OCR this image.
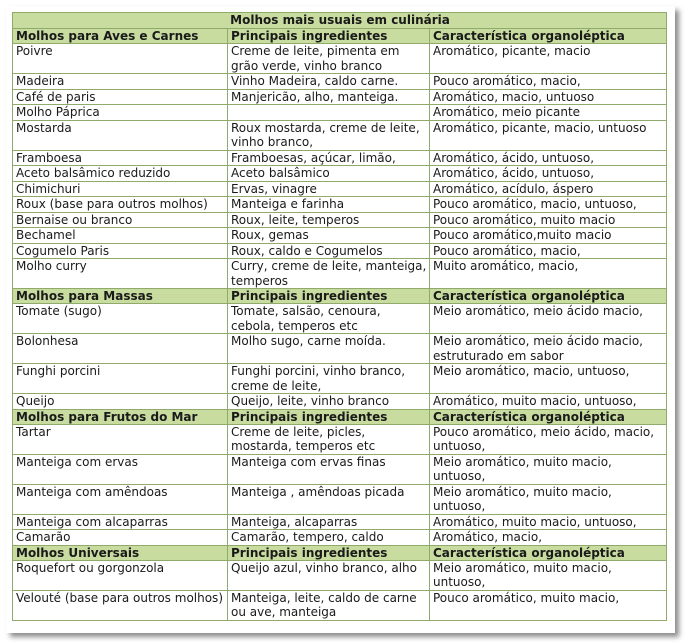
Molhos mais usuais em culinária		
Molhos para Aves e Carnes	Principais ingredientes	Característica organoléptica
Poivre	Creme de leite, pimenta em grão verde, vinho branco	Aromático, picante, macio
Madeira	Vinho Madeira, caldo carne.	Pouco aromático, macio,
Café de paris	Manjericão, alho, manteiga.	Aromático, macio, untuoso
Molho Páprica		Aromático, meio picante
Mostarda	Roux mostarda, creme de leite, vinho branco,	Aromático, picante, macio, untuoso
Framboesa	Framboesas, açúcar, limão,	Aromático, ácido, untuoso,
Aceto balsâmico reduzido	Aceto balsâmico	Aromático, ácido, untuoso,
Chimichuri	Ervas, vinagre	Aromático, acídulo, áspero
Roux (base para outros molhos)	Manteiga e farinha	Pouco aromático, macio, untuoso,
Bernaise ou branco	Roux, leite, temperos	Pouco aromático, muito macio
Bechamel	Roux, gemas	Pouco aromático,muito macio
Cogumelo Paris	Roux, caldo e Cogumelos	Pouco aromático, macio,
Molho curry	Curry, creme de leite, manteiga, temperos	Muito aromático, macio,
Molhos para Massas	Principais ingredientes	Característica organoléptica
Tomate (sugo)	Tomate, salsão, cenoura, cebola, temperos etc	Meio aromático, meio ácido macio,
Bolonhesa	Molho sugo, carne moída.	Meio aromático, meio ácido macio, estruturado em sabor
Funghi porcini	Funghi porcini, vinho branco, creme de leite,	Meio aromático, macio, untuoso,
Queijo	Queijo, leite, vinho branco	Aromático, muito macio, untuoso,
Molhos para Frutos do Mar	Principais ingredientes	Característica organoléptica
Tartar	Creme de leite, picles, mostarda, temperos etc	Pouco aromático, meio ácido, macio, untuoso,
Manteiga com ervas	Manteiga com ervas finas	Meio aromático, muito macio, untuoso,
Manteiga com amêndoas	Manteiga , amêndoas picada	Meio aromático, muito macio, untuoso,
Manteiga com alcaparras	Manteiga, alcaparras	Aromático, muito macio, untuoso,
Camarão	Camarão, tempero, caldo	Aromático, macio,
Molhos Universais	Principais ingredientes	Característica organoléptica
Roquefort ou gorgonzola	Queijo azul, vinho branco, alho	Meio aromático, muito macio, untuoso,
Velouté (base para outros molhos)	Manteiga, leite, caldo de carne ou ave, manteiga	Pouco aromático, muito macio,
